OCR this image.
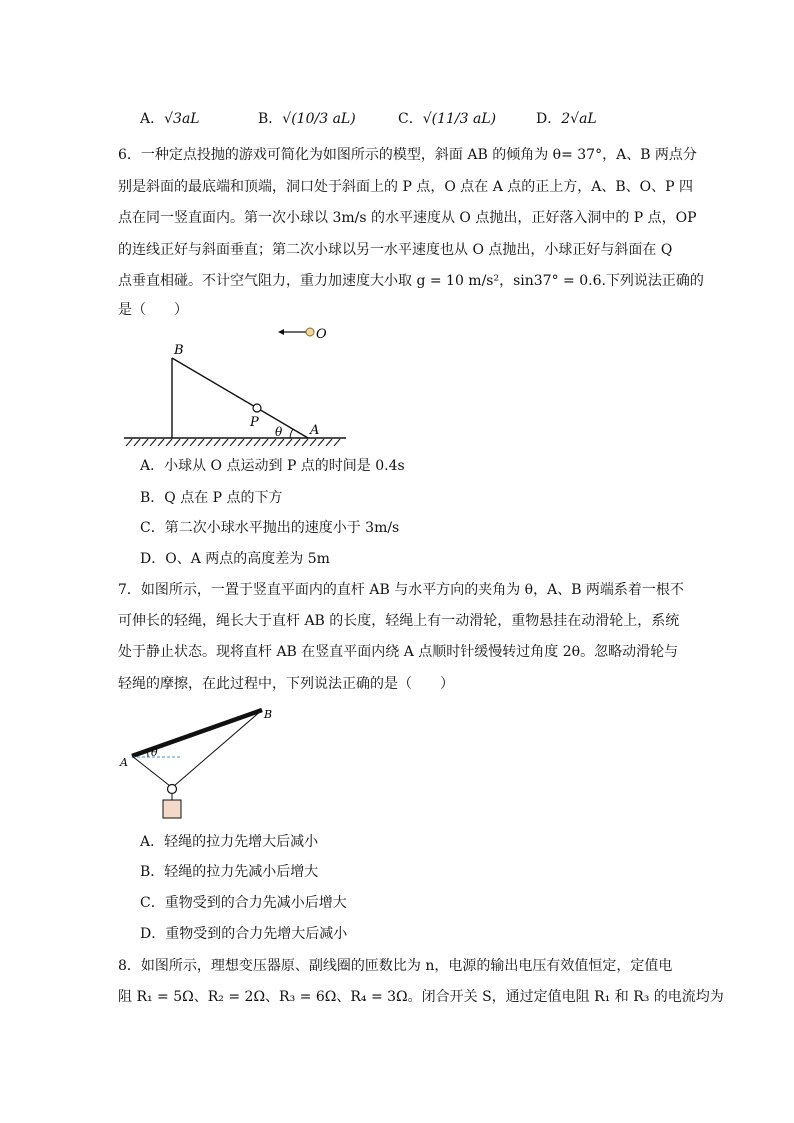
A．√3aL	B．√(10/3 aL)	C．√(11/3 aL)	D．2√aL
6．一种定点投抛的游戏可简化为如图所示的模型，斜面 AB 的倾角为 θ= 37°，A、B 两点分
别是斜面的最底端和顶端，洞口处于斜面上的 P 点，O 点在 A 点的正上方，A、B、O、P 四
点在同一竖直面内。第一次小球以 3m/s 的水平速度从 O 点抛出，正好落入洞中的 P 点，OP
的连线正好与斜面垂直；第二次小球以另一水平速度也从 O 点抛出，小球正好与斜面在 Q
点垂直相碰。不计空气阻力，重力加速度大小取 g = 10 m/s²，sin37° = 0.6.下列说法正确的
是（　　）
B
O
P
A
θ
A．小球从 O 点运动到 P 点的时间是 0.4s
B．Q 点在 P 点的下方
C．第二次小球水平抛出的速度小于 3m/s
D．O、A 两点的高度差为 5m
7．如图所示，一置于竖直平面内的直杆 AB 与水平方向的夹角为 θ，A、B 两端系着一根不
可伸长的轻绳，绳长大于直杆 AB 的长度，轻绳上有一动滑轮，重物悬挂在动滑轮上，系统
处于静止状态。现将直杆 AB 在竖直平面内绕 A 点顺时针缓慢转过角度 2θ。忽略动滑轮与
轻绳的摩擦，在此过程中，下列说法正确的是（　　）
A
B
θ
A．轻绳的拉力先增大后减小
B．轻绳的拉力先减小后增大
C．重物受到的合力先减小后增大
D．重物受到的合力先增大后减小
8．如图所示，理想变压器原、副线圈的匝数比为 n，电源的输出电压有效值恒定，定值电
阻 R₁ = 5Ω、R₂ = 2Ω、R₃ = 6Ω、R₄ = 3Ω。闭合开关 S，通过定值电阻 R₁ 和 R₃ 的电流均为
